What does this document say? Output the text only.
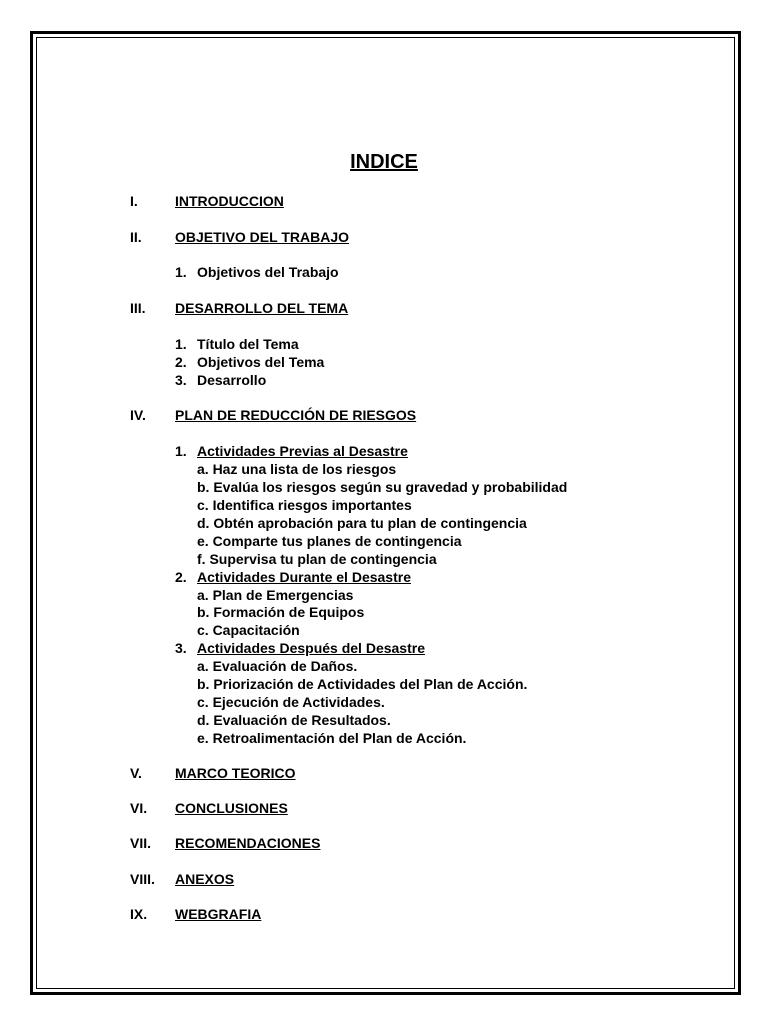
INDICE
I.	INTRODUCCION
II. OBJETIVO DEL TRABAJO
1. Objetivos del Trabajo
III. DESARROLLO DEL TEMA
1. Título del Tema
2. Objetivos del Tema
3. Desarrollo
IV. PLAN DE REDUCCIÓN DE RIESGOS
1. Actividades Previas al Desastre
a. Haz una lista de los riesgos
b. Evalúa los riesgos según su gravedad y probabilidad
c. Identifica riesgos importantes
d. Obtén aprobación para tu plan de contingencia
e. Comparte tus planes de contingencia
f. Supervisa tu plan de contingencia
2. Actividades Durante el Desastre
a. Plan de Emergencias
b. Formación de Equipos
c. Capacitación
3. Actividades Después del Desastre
a. Evaluación de Daños.
b. Priorización de Actividades del Plan de Acción.
c. Ejecución de Actividades.
d. Evaluación de Resultados.
e. Retroalimentación del Plan de Acción.
V. MARCO TEORICO
VI. CONCLUSIONES
VII. RECOMENDACIONES
VIII. ANEXOS
IX. WEBGRAFIA
